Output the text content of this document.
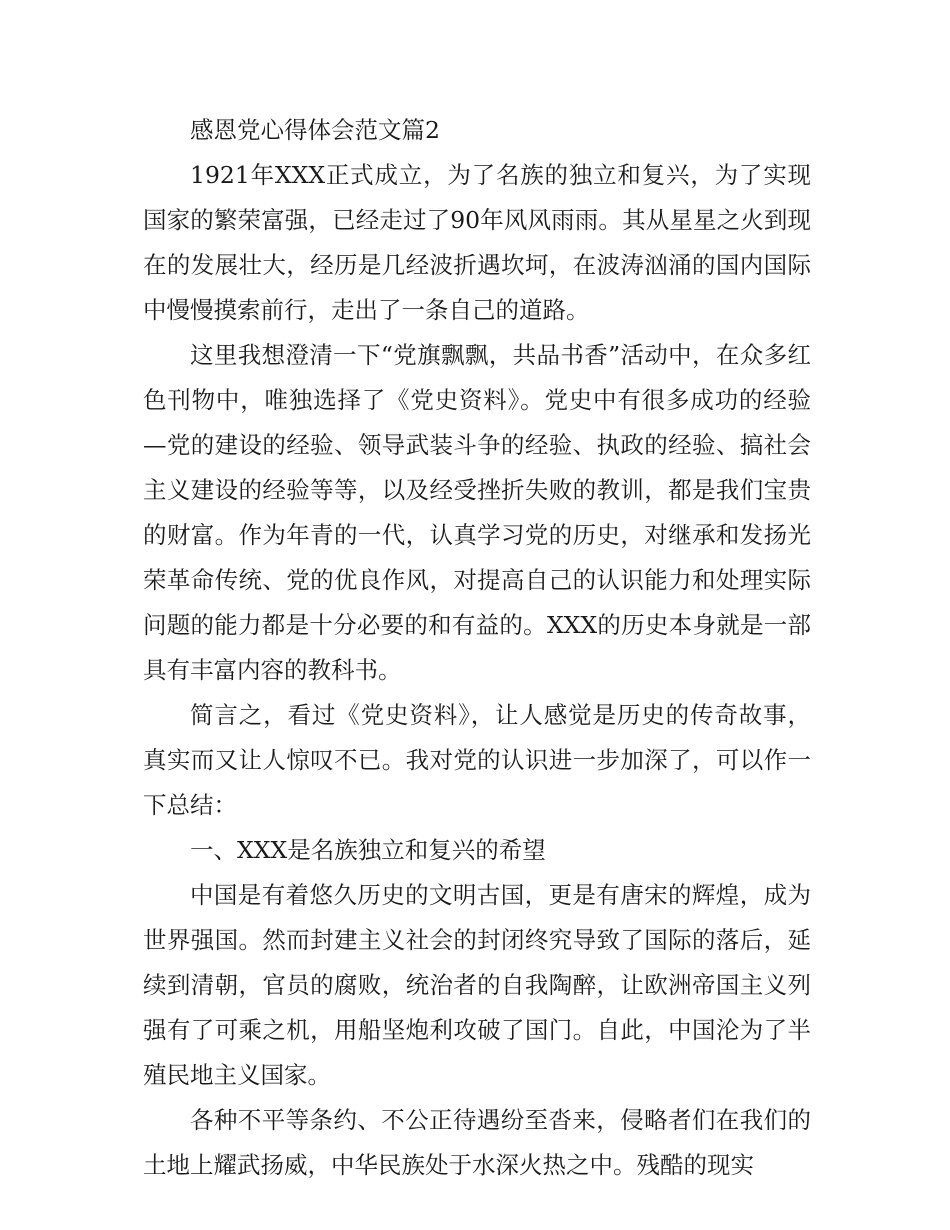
感恩党心得体会范文篇2

1921年XXX正式成立，为了名族的独立和复兴，为了实现国家的繁荣富强，已经走过了90年风风雨雨。其从星星之火到现在的发展壮大，经历是几经波折遇坎坷，在波涛汹涌的国内国际中慢慢摸索前行，走出了一条自己的道路。

这里我想澄清一下“党旗飘飘，共品书香”活动中，在众多红色刊物中，唯独选择了《党史资料》。党史中有很多成功的经验—党的建设的经验、领导武装斗争的经验、执政的经验、搞社会主义建设的经验等等，以及经受挫折失败的教训，都是我们宝贵的财富。作为年青的一代，认真学习党的历史，对继承和发扬光荣革命传统、党的优良作风，对提高自己的认识能力和处理实际问题的能力都是十分必要的和有益的。XXX的历史本身就是一部具有丰富内容的教科书。

简言之，看过《党史资料》，让人感觉是历史的传奇故事，真实而又让人惊叹不已。我对党的认识进一步加深了，可以作一下总结：

一、XXX是名族独立和复兴的希望

中国是有着悠久历史的文明古国，更是有唐宋的辉煌，成为世界强国。然而封建主义社会的封闭终究导致了国际的落后，延续到清朝，官员的腐败，统治者的自我陶醉，让欧洲帝国主义列强有了可乘之机，用船坚炮利攻破了国门。自此，中国沦为了半殖民地主义国家。

各种不平等条约、不公正待遇纷至沓来，侵略者们在我们的土地上耀武扬威，中华民族处于水深火热之中。残酷的现实
